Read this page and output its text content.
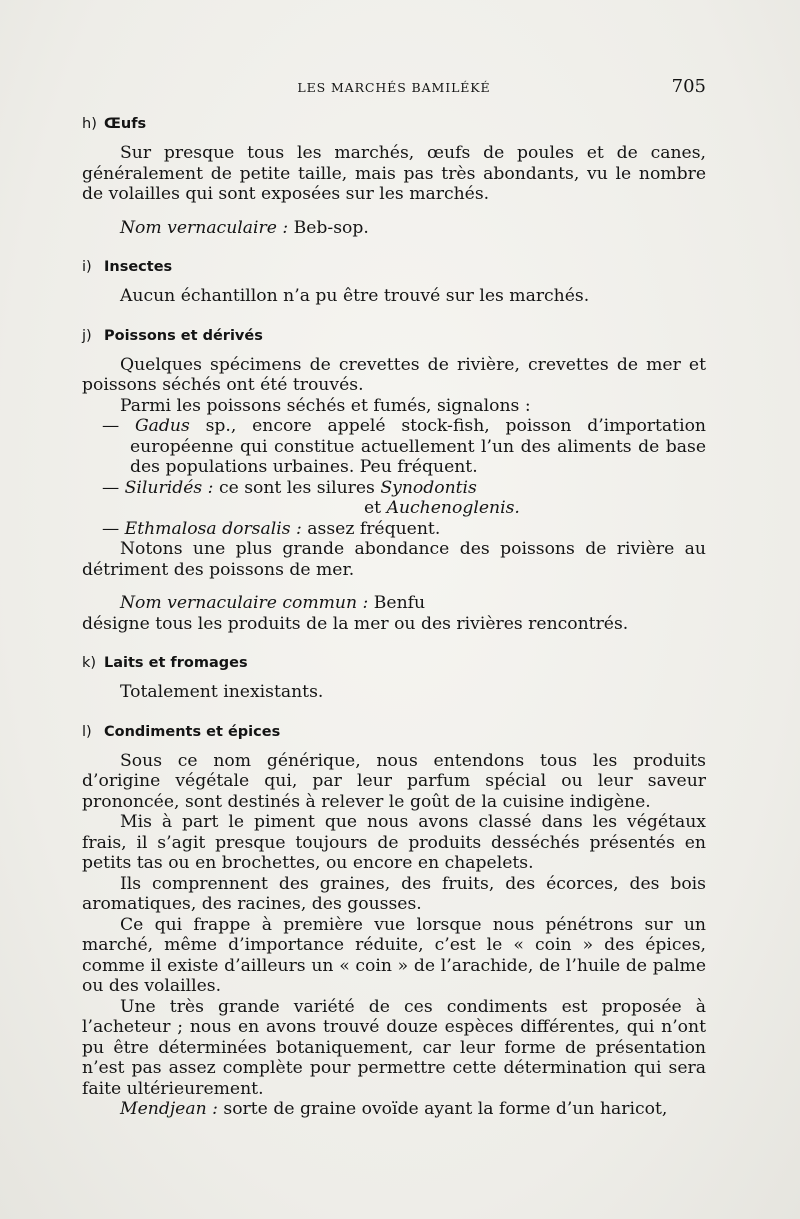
LES MARCHÉS BAMILÉKÉ	705
h) Œufs

Sur presque tous les marchés, œufs de poules et de canes, généralement de petite taille, mais pas très abondants, vu le nombre de volailles qui sont exposées sur les marchés.

Nom vernaculaire : Beb-sop.

i) Insectes

Aucun échantillon n’a pu être trouvé sur les marchés.

j) Poissons et dérivés

Quelques spécimens de crevettes de rivière, crevettes de mer et poissons séchés ont été trouvés.

Parmi les poissons séchés et fumés, signalons :

— Gadus sp., encore appelé stock-fish, poisson d’importation européenne qui constitue actuellement l’un des aliments de base des populations urbaines. Peu fréquent.

— Siluridés : ce sont les silures Synodontis

et Auchenoglenis.

— Ethmalosa dorsalis : assez fréquent.

Notons une plus grande abondance des poissons de rivière au détriment des poissons de mer.

Nom vernaculaire commun : Benfu

désigne tous les produits de la mer ou des rivières rencontrés.

k) Laits et fromages

Totalement inexistants.

l) Condiments et épices

Sous ce nom générique, nous entendons tous les produits d’origine végétale qui, par leur parfum spécial ou leur saveur prononcée, sont destinés à relever le goût de la cuisine indigène.

Mis à part le piment que nous avons classé dans les végétaux frais, il s’agit presque toujours de produits desséchés présentés en petits tas ou en brochettes, ou encore en chapelets.

Ils comprennent des graines, des fruits, des écorces, des bois aromatiques, des racines, des gousses.

Ce qui frappe à première vue lorsque nous pénétrons sur un marché, même d’importance réduite, c’est le « coin » des épices, comme il existe d’ailleurs un « coin » de l’arachide, de l’huile de palme ou des volailles.

Une très grande variété de ces condiments est proposée à l’acheteur ; nous en avons trouvé douze espèces différentes, qui n’ont pu être déterminées botaniquement, car leur forme de présentation n’est pas assez complète pour permettre cette détermination qui sera faite ultérieurement.

Mendjean : sorte de graine ovoïde ayant la forme d’un haricot,
